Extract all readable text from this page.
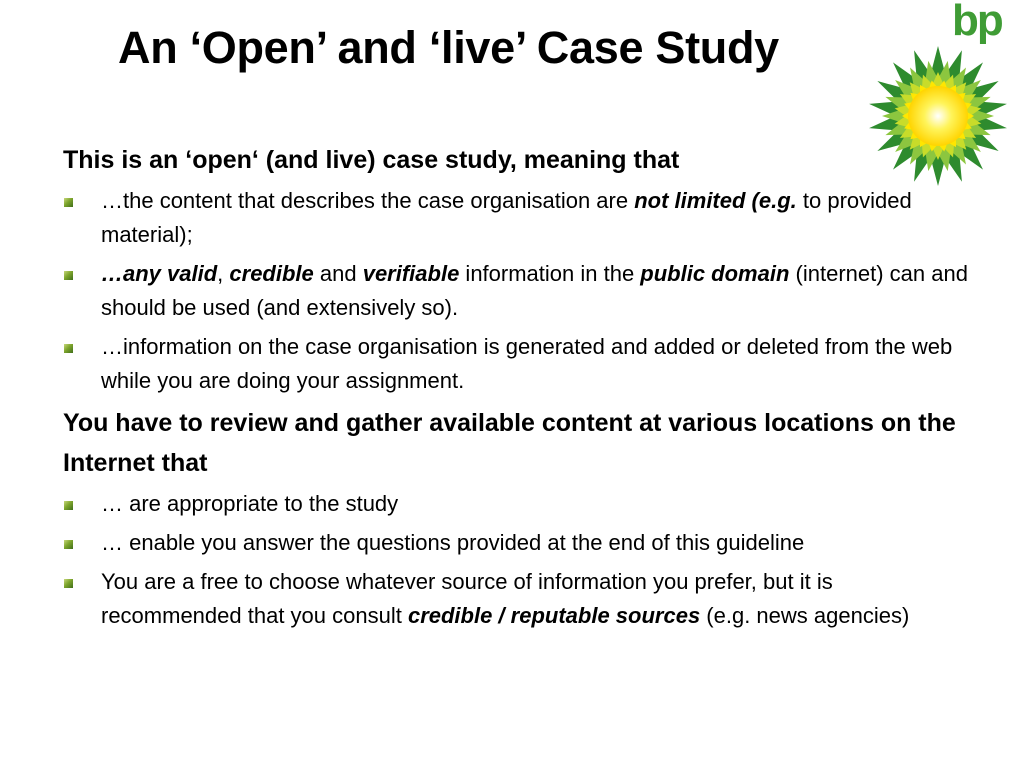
An ‘Open’ and ‘live’ Case Study
bp

This is an ‘open‘ (and live) case study, meaning that

…the content that describes the case organisation are not limited (e.g. to provided material);
…any valid, credible and verifiable information in the public domain (internet) can and should be used (and extensively so).
…information on the case organisation is generated and added or deleted from the web while you are doing your assignment.

You have to review and gather available content at various locations on the Internet that

… are appropriate to the study
… enable you answer the questions provided at the end of this guideline
You are a free to choose whatever source of information you prefer, but it is recommended that you consult credible / reputable sources (e.g. news agencies)
